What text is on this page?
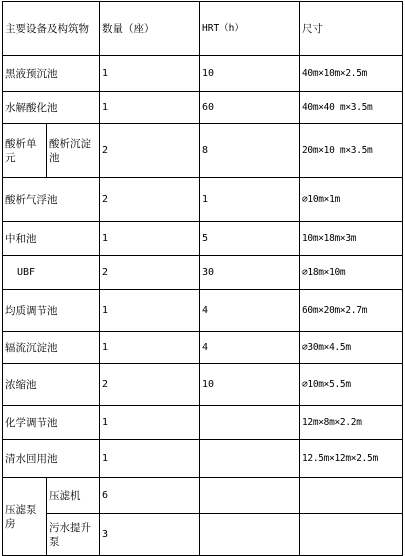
主要设备及构筑物		数量（座）	HRT（h）	尺寸
黑液预沉池		1	10	40m×10m×2.5m
水解酸化池		1	60	40m×40 m×3.5m
酸析单元	酸析沉淀池	2	8	20m×10 m×3.5m
酸析气浮池		2	1	⌀10m×1m
中和池		1	5	10m×18m×3m
UBF		2	30	⌀18m×10m
均质调节池		1	4	60m×20m×2.7m
辐流沉淀池		1	4	⌀30m×4.5m
浓缩池		2	10	⌀10m×5.5m
化学调节池		1		12m×8m×2.2m
清水回用池		1		12.5m×12m×2.5m
压滤泵房	压滤机	6		
	污水提升泵	3		
